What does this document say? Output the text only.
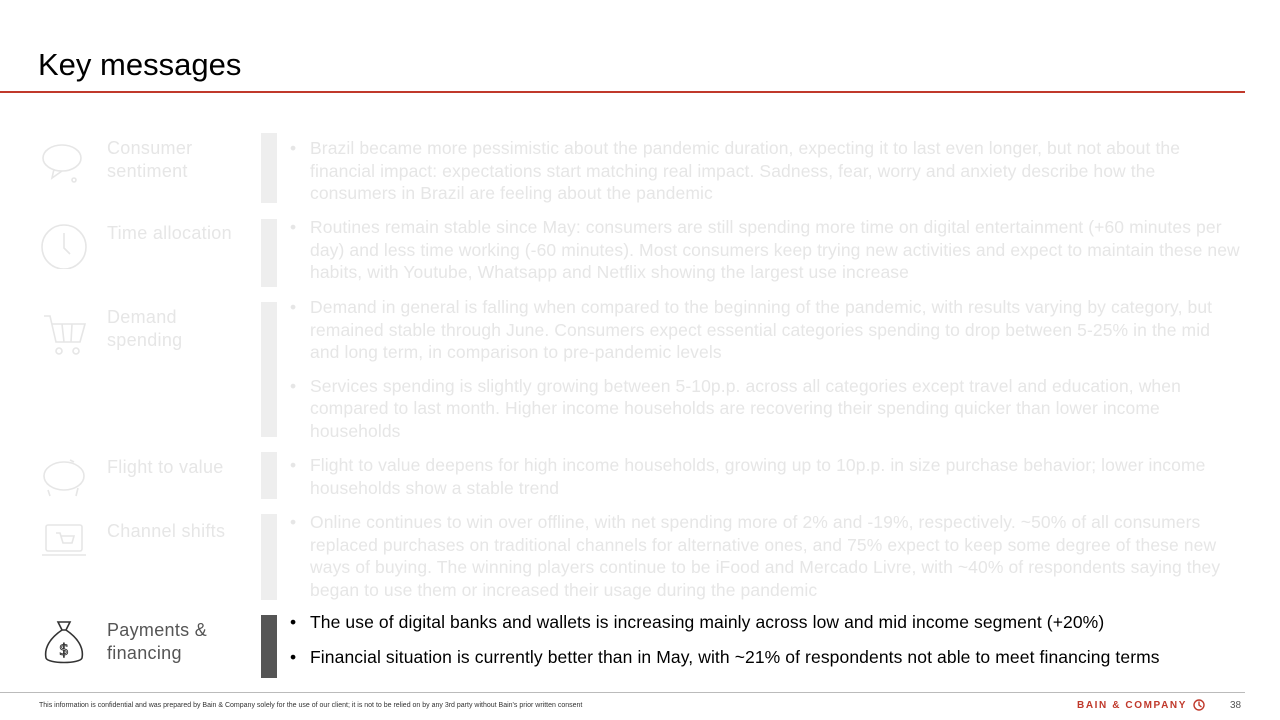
Key messages
Consumer sentiment
• Brazil became more pessimistic about the pandemic duration, expecting it to last even longer, but not about the financial impact: expectations start matching real impact. Sadness, fear, worry and anxiety describe how the consumers in Brazil are feeling about the pandemic
Time allocation	• Routines remain stable since May: consumers are still spending more time on digital entertainment (+60 minutes per day) and less time working (-60 minutes). Most consumers keep trying new activities and expect to maintain these new habits, with Youtube, Whatsapp and Netflix showing the largest use increase
Demand spending
• Demand in general is falling when compared to the beginning of the pandemic, with results varying by category, but remained stable through June. Consumers expect essential categories spending to drop between 5-25% in the mid and long term, in comparison to pre-pandemic levels
• Services spending is slightly growing between 5-10p.p. across all categories except travel and education, when compared to last month. Higher income households are recovering their spending quicker than lower income households
Flight to value	• Flight to value deepens for high income households, growing up to 10p.p. in size purchase behavior; lower income households show a stable trend
Channel shifts	• Online continues to win over offline, with net spending more of 2% and -19%, respectively. ~50% of all consumers replaced purchases on traditional channels for alternative ones, and 75% expect to keep some degree of these new ways of buying. The winning players continue to be iFood and Mercado Livre, with ~40% of respondents saying they began to use them or increased their usage during the pandemic
$
Payments & financing
• The use of digital banks and wallets is increasing mainly across low and mid income segment (+20%)
• Financial situation is currently better than in May, with ~21% of respondents not able to meet financing terms
This information is confidential and was prepared by Bain & Company solely for the use of our client; it is not to be relied on by any 3rd party without Bain's prior written consent	BAIN & COMPANY	38
